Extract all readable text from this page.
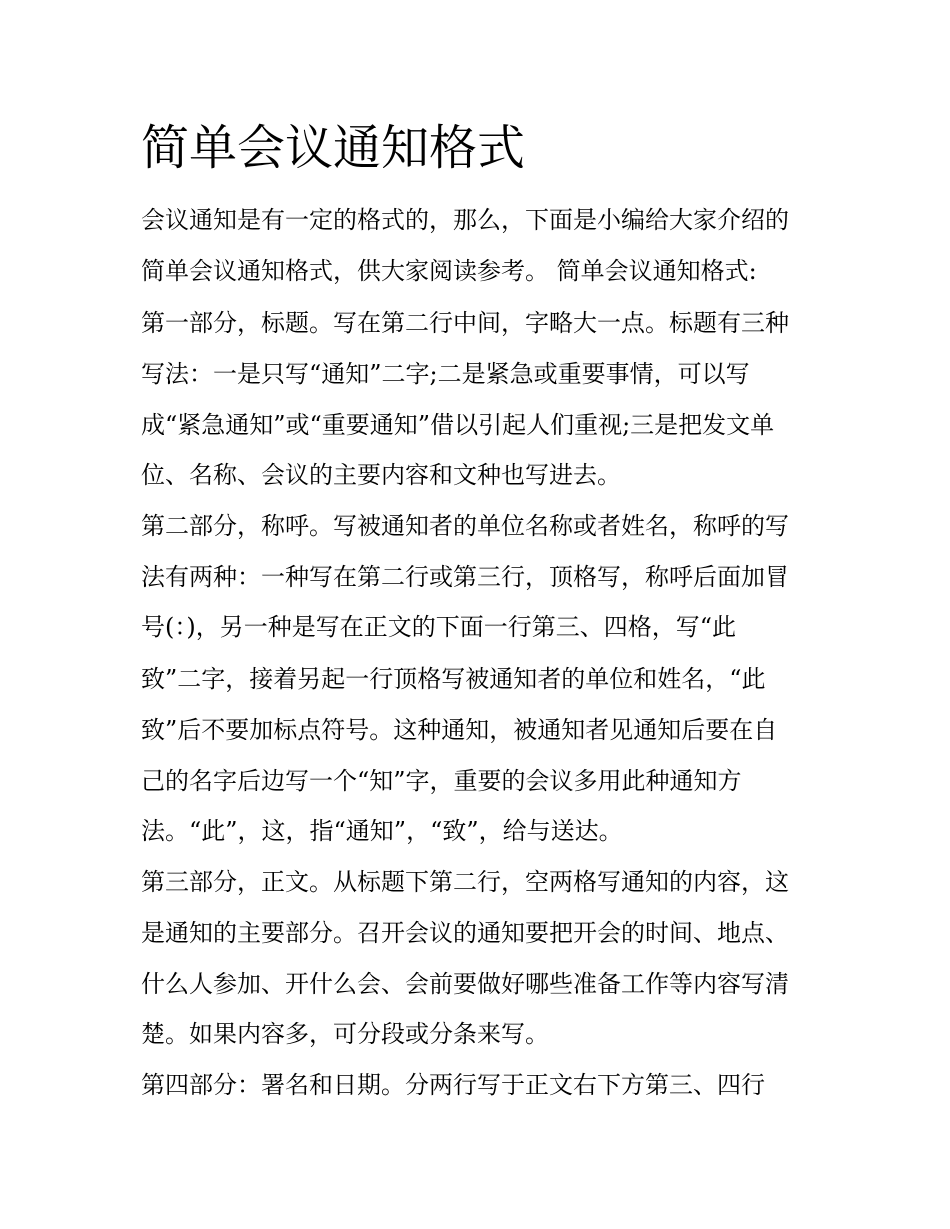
简单会议通知格式

会议通知是有一定的格式的，那么，下面是小编给大家介绍的

简单会议通知格式，供大家阅读参考。 简单会议通知格式:

第一部分，标题。写在第二行中间，字略大一点。标题有三种

写法：一是只写“通知”二字;二是紧急或重要事情，可以写

成“紧急通知”或“重要通知”借以引起人们重视;三是把发文单

位、名称、会议的主要内容和文种也写进去。

第二部分，称呼。写被通知者的单位名称或者姓名，称呼的写

法有两种：一种写在第二行或第三行，顶格写，称呼后面加冒

号(：)，另一种是写在正文的下面一行第三、四格，写“此

致”二字，接着另起一行顶格写被通知者的单位和姓名，“此

致”后不要加标点符号。这种通知，被通知者见通知后要在自

己的名字后边写一个“知”字，重要的会议多用此种通知方

法。“此”，这，指“通知”，“致”，给与送达。

第三部分，正文。从标题下第二行，空两格写通知的内容，这

是通知的主要部分。召开会议的通知要把开会的时间、地点、

什么人参加、开什么会、会前要做好哪些准备工作等内容写清

楚。如果内容多，可分段或分条来写。

第四部分：署名和日期。分两行写于正文右下方第三、四行
